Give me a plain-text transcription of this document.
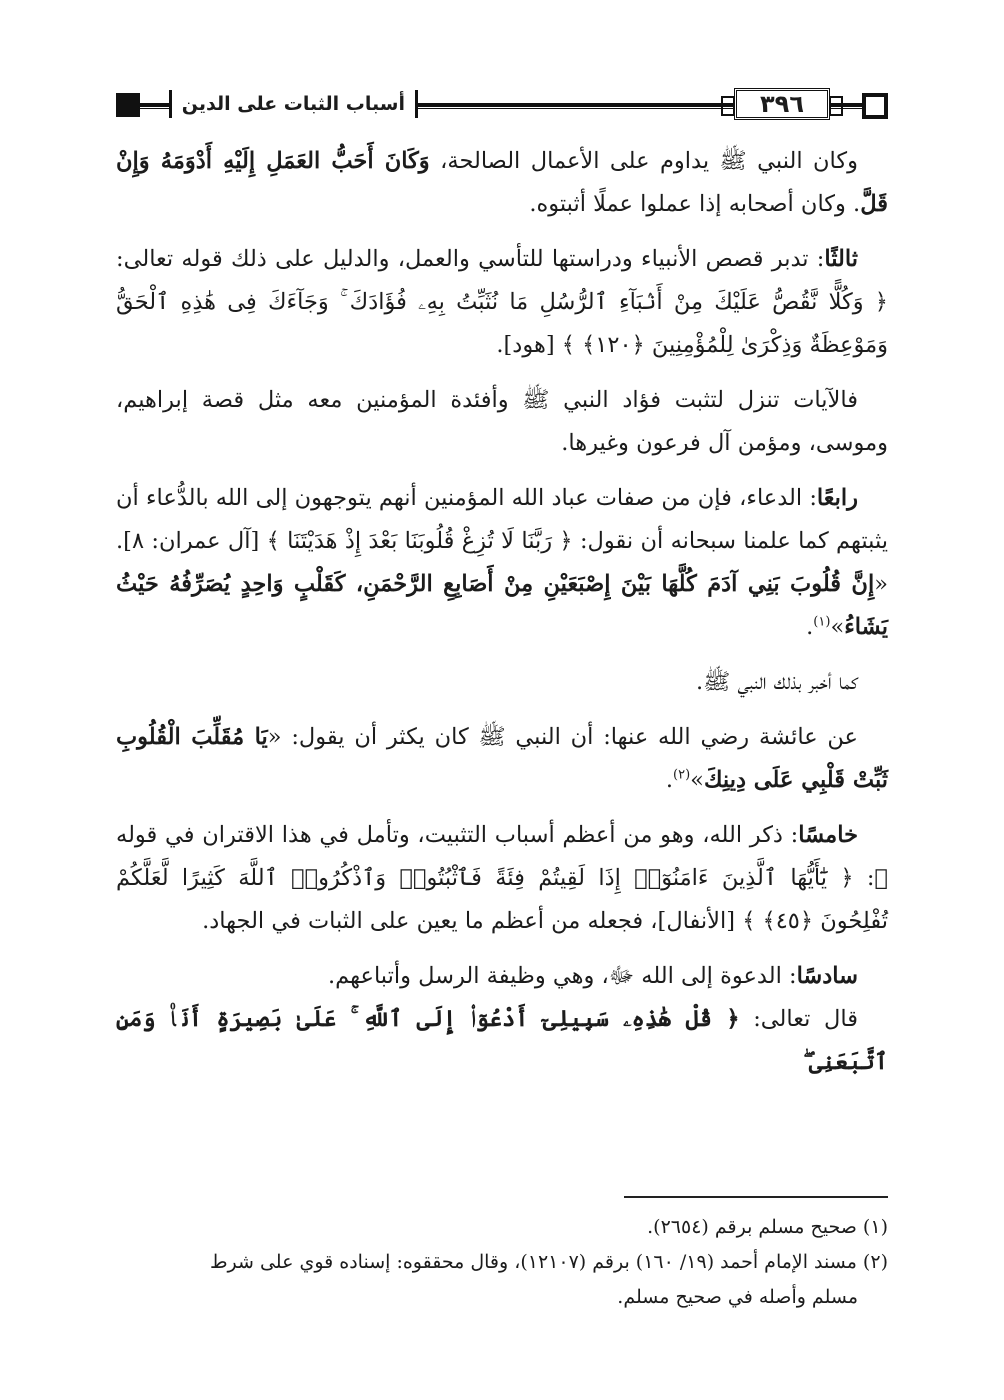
أسباب الثبات على الدين	٣٩٦

وكان النبي ﷺ يداوم على الأعمال الصالحة، وَكَانَ أَحَبُّ العَمَلِ إِلَيْهِ أَدْوَمَهُ وَإِنْ قَلَّ. وكان أصحابه إذا عملوا عملًا أثبتوه.

ثالثًا: تدبر قصص الأنبياء ودراستها للتأسي والعمل، والدليل على ذلك قوله تعالى: ﴿ وَكُلًّا نَّقُصُّ عَلَيْكَ مِنْ أَنۢبَآءِ ٱلرُّسُلِ مَا نُثَبِّتُ بِهِۦ فُؤَادَكَ ۚ وَجَآءَكَ فِى هَٰذِهِ ٱلْحَقُّ وَمَوْعِظَةٌ وَذِكْرَىٰ لِلْمُؤْمِنِينَ ﴿١٢٠﴾ ﴾ [هود].

فالآيات تنزل لتثبت فؤاد النبي ﷺ وأفئدة المؤمنين معه مثل قصة إبراهيم، وموسى، ومؤمن آل فرعون وغيرها.

رابعًا: الدعاء، فإن من صفات عباد الله المؤمنين أنهم يتوجهون إلى الله بالدُّعاء أن يثبتهم كما علمنا سبحانه أن نقول: ﴿ رَبَّنَا لَا تُزِغْ قُلُوبَنَا بَعْدَ إِذْ هَدَيْتَنَا ﴾ [آل عمران: ٨]. «إِنَّ قُلُوبَ بَنِي آدَمَ كُلَّهَا بَيْنَ إِصْبَعَيْنِ مِنْ أَصَابِعِ الرَّحْمَنِ، كَقَلْبٍ وَاحِدٍ يُصَرِّفُهُ حَيْثُ يَشَاءُ»$^{(١)}$.

كما أخبر بذلك النبي ﷺ.

عن عائشة رضي الله عنها: أن النبي ﷺ كان يكثر أن يقول: «يَا مُقَلِّبَ الْقُلُوبِ ثَبِّتْ قَلْبِي عَلَى دِينِكَ»$^{(٢)}$.

خامسًا: ذكر الله، وهو من أعظم أسباب التثبيت، وتأمل في هذا الاقتران في قوله ﷻ: ﴿ يَٰٓأَيُّهَا ٱلَّذِينَ ءَامَنُوٓا۟ إِذَا لَقِيتُمْ فِئَةً فَٱثْبُتُوا۟ وَٱذْكُرُوا۟ ٱللَّهَ كَثِيرًا لَّعَلَّكُمْ تُفْلِحُونَ ﴿٤٥﴾ ﴾ [الأنفال]، فجعله من أعظم ما يعين على الثبات في الجهاد.

سادسًا: الدعوة إلى الله ﷻ، وهي وظيفة الرسل وأتباعهم.

قال تعالى: ﴿ قُلْ هَٰذِهِۦ سَبِيلِىٓ أَدْعُوٓا۟ إِلَى ٱللَّهِ ۚ عَلَىٰ بَصِيرَةٍ أَنَا۠ وَمَنِ ٱتَّبَعَنِى ۖ

(١) صحيح مسلم برقم (٢٦٥٤).

(٢) مسند الإمام أحمد (١٩/ ١٦٠) برقم (١٢١٠٧)، وقال محققوه: إسناده قوي على شرط

مسلم وأصله في صحيح مسلم.
